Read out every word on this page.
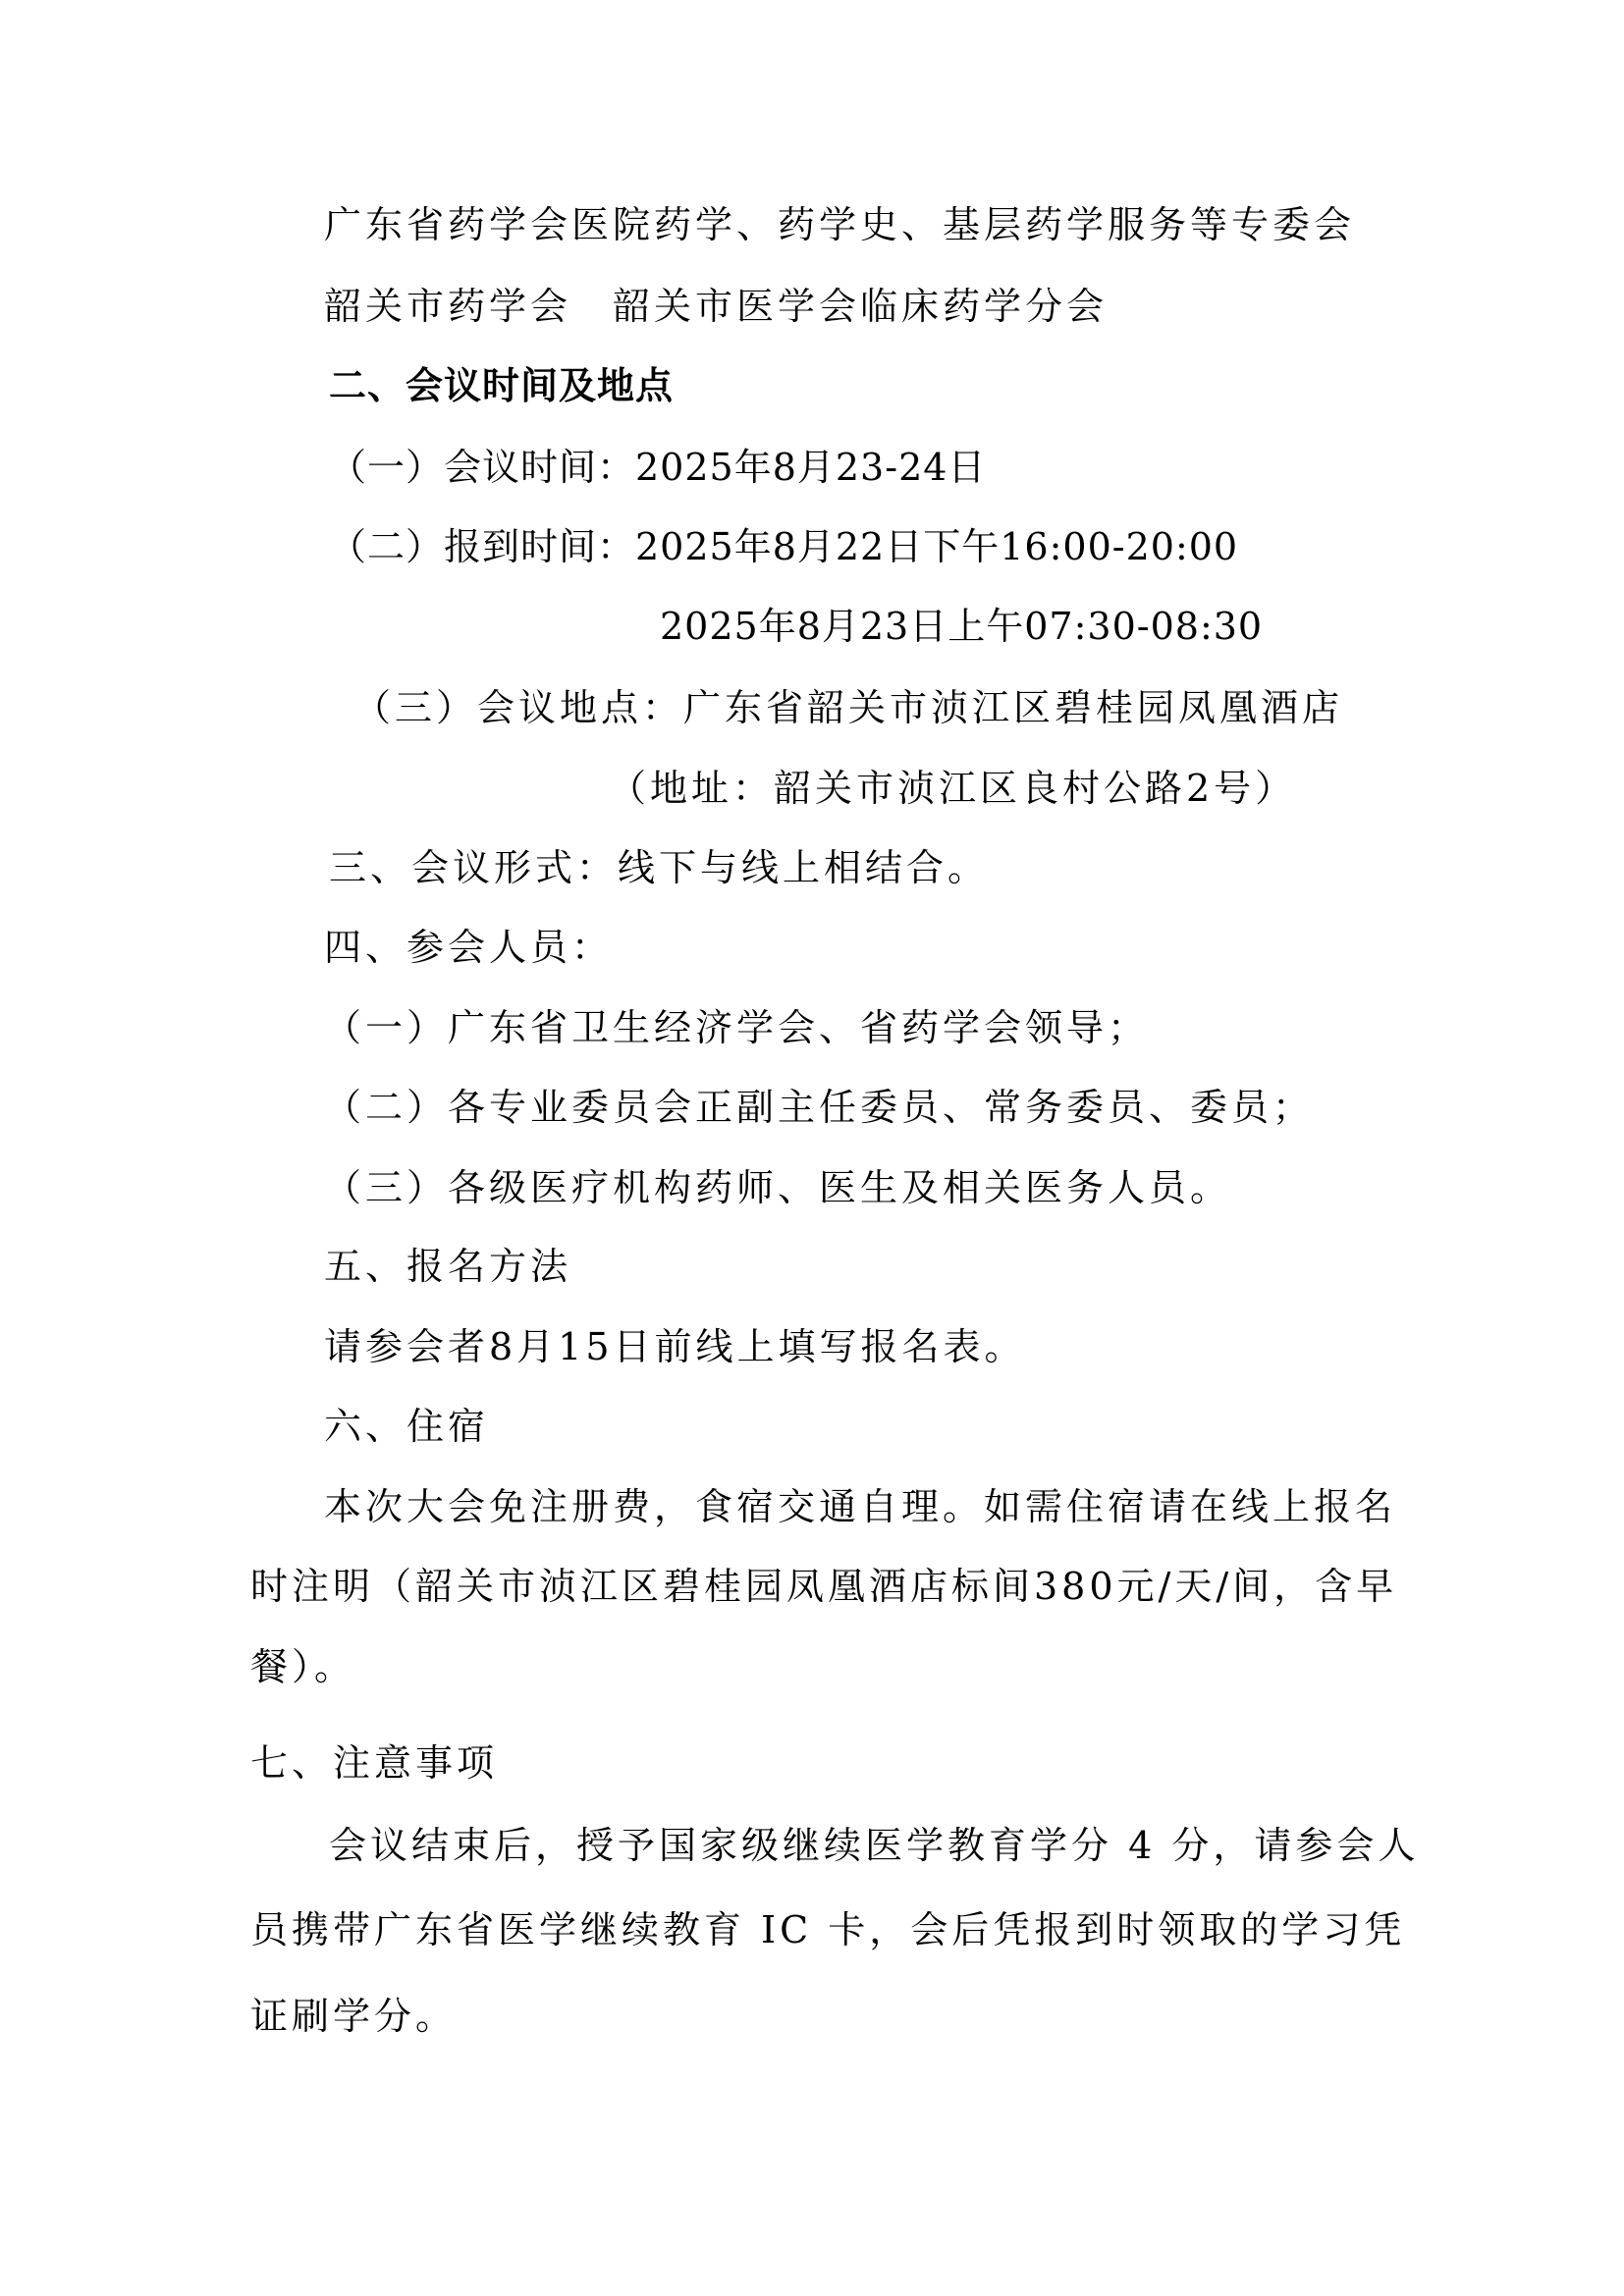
广东省药学会医院药学、药学史、基层药学服务等专委会
韶关市药学会　韶关市医学会临床药学分会
二、会议时间及地点
（一）会议时间：2025年8月23-24日
（二）报到时间：2025年8月22日下午16:00-20:00
2025年8月23日上午07:30-08:30
（三）会议地点：广东省韶关市浈江区碧桂园凤凰酒店
（地址：韶关市浈江区良村公路2号）
三、会议形式：线下与线上相结合。
四、参会人员：
（一）广东省卫生经济学会、省药学会领导；
（二）各专业委员会正副主任委员、常务委员、委员；
（三）各级医疗机构药师、医生及相关医务人员。
五、报名方法
请参会者8月15日前线上填写报名表。
六、住宿
本次大会免注册费，食宿交通自理。如需住宿请在线上报名
时注明（韶关市浈江区碧桂园凤凰酒店标间380元/天/间，含早
餐）。
七、注意事项
会议结束后，授予国家级继续医学教育学分 4 分，请参会人
员携带广东省医学继续教育 IC 卡，会后凭报到时领取的学习凭
证刷学分。
